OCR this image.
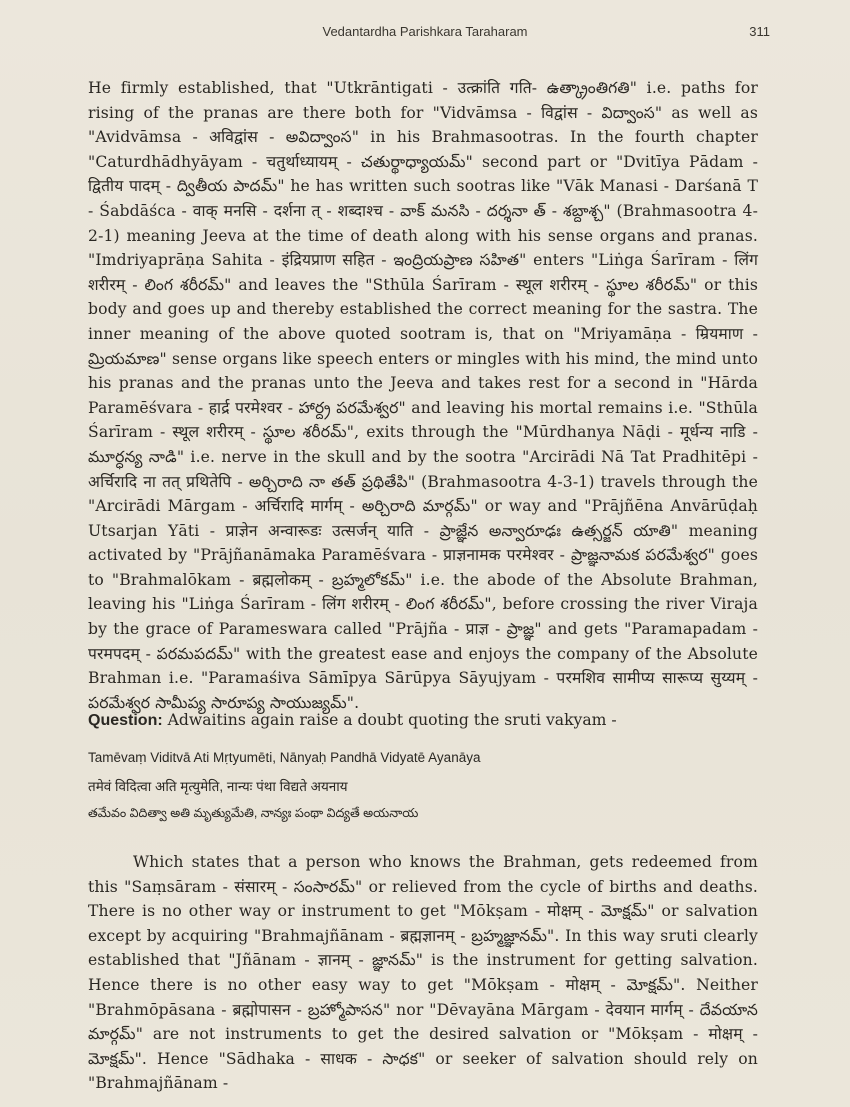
Vedantardha Parishkara Taraharam	311

He firmly established, that "Utkrāntigati - उत्क्रांति गति- ఉత్క్రాంతిగతి" i.e. paths for rising of the pranas are there both for "Vidvāmsa - विद्वांस - విద్వాంస" as well as "Avidvāmsa - अविद्वांस - అవిద్వాంస" in his Brahmasootras. In the fourth chapter "Caturdhādhyāyam - चतुर्थाध्यायम् - చతుర్థాధ్యాయమ్" second part or "Dvitīya Pādam - द्वितीय पादम् - ద్వితీయ పాదమ్" he has written such sootras like "Vāk Manasi - Darśanā T - Śabdāśca - वाक् मनसि - दर्शना त् - शब्दाश्च - వాక్ మనసి - దర్శనా త్ - శబ్దాశ్చ" (Brahmasootra 4-2-1) meaning Jeeva at the time of death along with his sense organs and pranas. "Imdriyaprāṇa Sahita - इंद्रियप्राण सहित - ఇంద్రియప్రాణ సహిత" enters "Liṅga Śarīram - लिंग शरीरम् - లింగ శరీరమ్" and leaves the "Sthūla Śarīram - स्थूल शरीरम् - స్థూల శరీరమ్" or this body and goes up and thereby established the correct meaning for the sastra. The inner meaning of the above quoted sootram is, that on "Mriyamāṇa - म्रियमाण - మ్రియమాణ" sense organs like speech enters or mingles with his mind, the mind unto his pranas and the pranas unto the Jeeva and takes rest for a second in "Hārda Paramēśvara - हार्द्र परमेश्वर - హార్ద్ర పరమేశ్వర" and leaving his mortal remains i.e. "Sthūla Śarīram - स्थूल शरीरम् - స్థూల శరీరమ్", exits through the "Mūrdhanya Nāḍi - मूर्धन्य नाडि - మూర్ధన్య నాడి" i.e. nerve in the skull and by the sootra "Arcirādi Nā Tat Pradhitēpi - अर्चिरादि ना तत् प्रथितेपि - అర్చిరాది నా తత్ ప్రథితేపి" (Brahmasootra 4-3-1) travels through the "Arcirādi Mārgam - अर्चिरादि मार्गम् - అర్చిరాది మార్గమ్" or way and "Prājñēna Anvārūḍaḥ Utsarjan Yāti - प्राज्ञेन अन्वारूडः उत्सर्जन् याति - ప్రాజ్ఞేన అన్వారూఢః ఉత్సర్జన్ యాతి" meaning activated by "Prājñanāmaka Paramēśvara - प्राज्ञनामक परमेश्वर - ప్రాజ్ఞనామక పరమేశ్వర" goes to "Brahmalōkam - ब्रह्मलोकम् - బ్రహ్మలోకమ్" i.e. the abode of the Absolute Brahman, leaving his "Liṅga Śarīram - लिंग शरीरम् - లింగ శరీరమ్", before crossing the river Viraja by the grace of Parameswara called "Prājña - प्राज्ञ - ప్రాజ్ఞ" and gets "Paramapadam - परमपदम् - పరమపదమ్" with the greatest ease and enjoys the company of the Absolute Brahman i.e. "Paramaśiva Sāmīpya Sārūpya Sāyujyam - परमशिव सामीप्य सारूप्य सुय्यम् - పరమేశ్వర సామీప్య సారూప్య సాయుజ్యమ్".

Question: Adwaitins again raise a doubt quoting the sruti vakyam -
Tamēvaṃ Viditvā Ati Mṛtyumēti, Nānyaḥ Pandhā Vidyatē Ayanāya
तमेवं विदित्वा अति मृत्युमेति, नान्यः पंथा विद्यते अयनाय
తమేవం విదిత్వా అతి మృత్యుమేతి, నాన్యః పంథా విద్యతే అయనాయ

Which states that a person who knows the Brahman, gets redeemed from this "Saṃsāram - संसारम् - సంసారమ్" or relieved from the cycle of births and deaths. There is no other way or instrument to get "Mōkṣam - मोक्षम् - మోక్షమ్" or salvation except by acquiring "Brahmajñānam - ब्रह्मज्ञानम् - బ్రహ్మజ్ఞానమ్". In this way sruti clearly established that "Jñānam - ज्ञानम् - జ్ఞానమ్" is the instrument for getting salvation. Hence there is no other easy way to get "Mōkṣam - मोक्षम् - మోక్షమ్". Neither "Brahmōpāsana - ब्रह्मोपासन - బ్రహ్మోపాసన" nor "Dēvayāna Mārgam - देवयान मार्गम् - దేవయాన మార్గమ్" are not instruments to get the desired salvation or "Mōkṣam - मोक्षम् - మోక్షమ్". Hence "Sādhaka - साधक - సాధక" or seeker of salvation should rely on "Brahmajñānam -
